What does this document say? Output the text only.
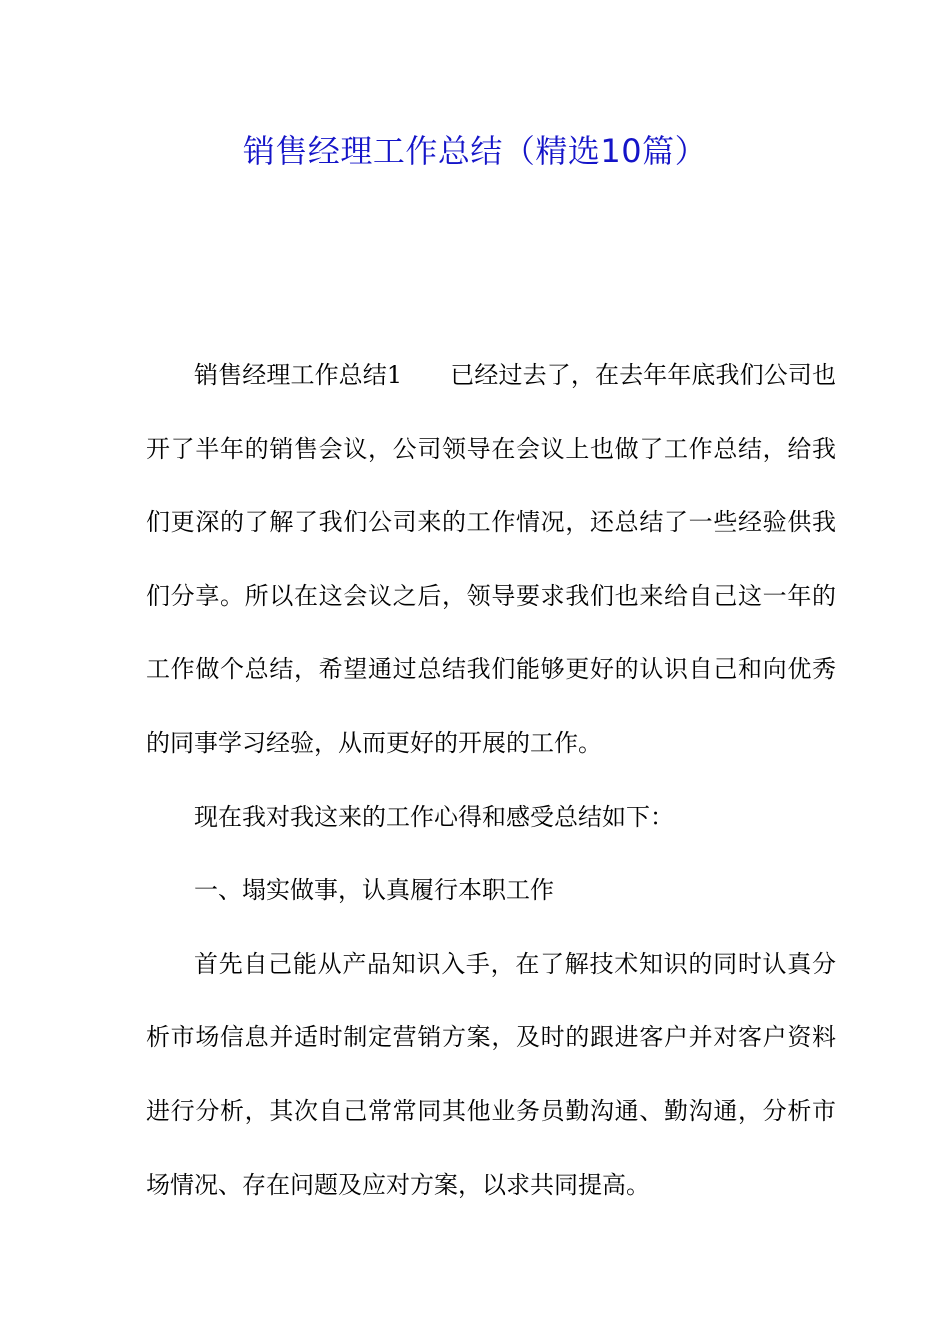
销售经理工作总结（精选10篇）

销售经理工作总结1 已经过去了，在去年年底我们公司也开了半年的销售会议，公司领导在会议上也做了工作总结，给我们更深的了解了我们公司来的工作情况，还总结了一些经验供我们分享。所以在这会议之后，领导要求我们也来给自己这一年的工作做个总结，希望通过总结我们能够更好的认识自己和向优秀的同事学习经验，从而更好的开展的工作。

现在我对我这来的工作心得和感受总结如下：

一、塌实做事，认真履行本职工作

首先自己能从产品知识入手，在了解技术知识的同时认真分析市场信息并适时制定营销方案，及时的跟进客户并对客户资料进行分析，其次自己常常同其他业务员勤沟通、勤沟通，分析市场情况、存在问题及应对方案，以求共同提高。
